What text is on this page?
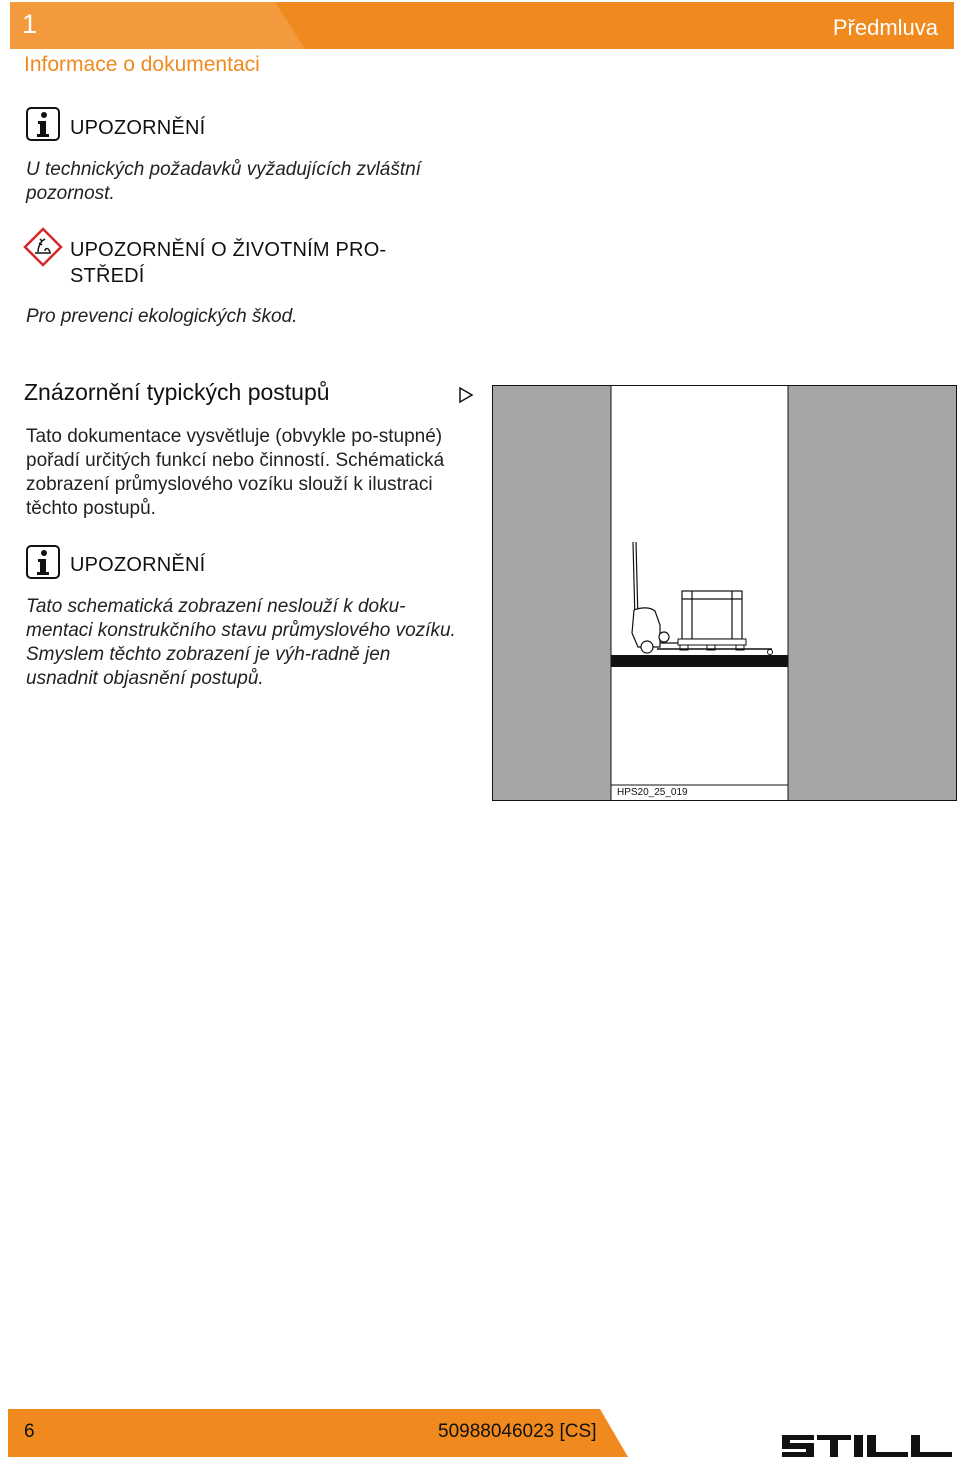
1	Předmluva
Informace o dokumentaci
UPOZORNĚNÍ
U technických požadavků vyžadujících zvláštní pozornost.
UPOZORNĚNÍ O ŽIVOTNÍM PRO-STŘEDÍ
Pro prevenci ekologických škod.
Znázornění typických postupů
Tato dokumentace vysvětluje (obvykle po-stupné) pořadí určitých funkcí nebo činností. Schématická zobrazení průmyslového vozíku slouží k ilustraci těchto postupů.
UPOZORNĚNÍ
Tato schematická zobrazení neslouží k doku-mentaci konstrukčního stavu průmyslového vozíku. Smyslem těchto zobrazení je výh-radně jen usnadnit objasnění postupů.
HPS20_25_019
6	50988046023 [CS]
